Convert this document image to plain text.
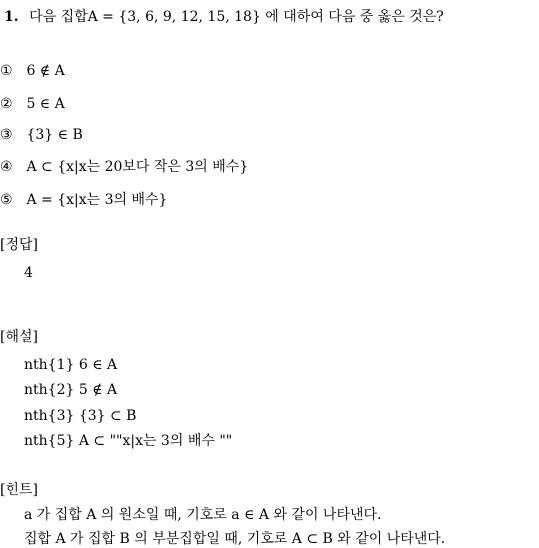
1. 다음 집합A = {3, 6, 9, 12, 15, 18} 에 대하여 다음 중 옳은 것은?
① 6 ∉ A
② 5 ∈ A
③ {3} ∈ B
④ A ⊂ {x|x는 20보다 작은 3의 배수}
⑤ A = {x|x는 3의 배수}
[정답]
4
[해설]
nth{1} 6 ∈ A
nth{2} 5 ∉ A
nth{3} {3} ⊂ B
nth{5} A ⊂ ""x|x는 3의 배수 ""
[힌트]
a 가 집합 A 의 원소일 때, 기호로 a ∈ A 와 같이 나타낸다.
집합 A 가 집합 B 의 부분집합일 때, 기호로 A ⊂ B 와 같이 나타낸다.
